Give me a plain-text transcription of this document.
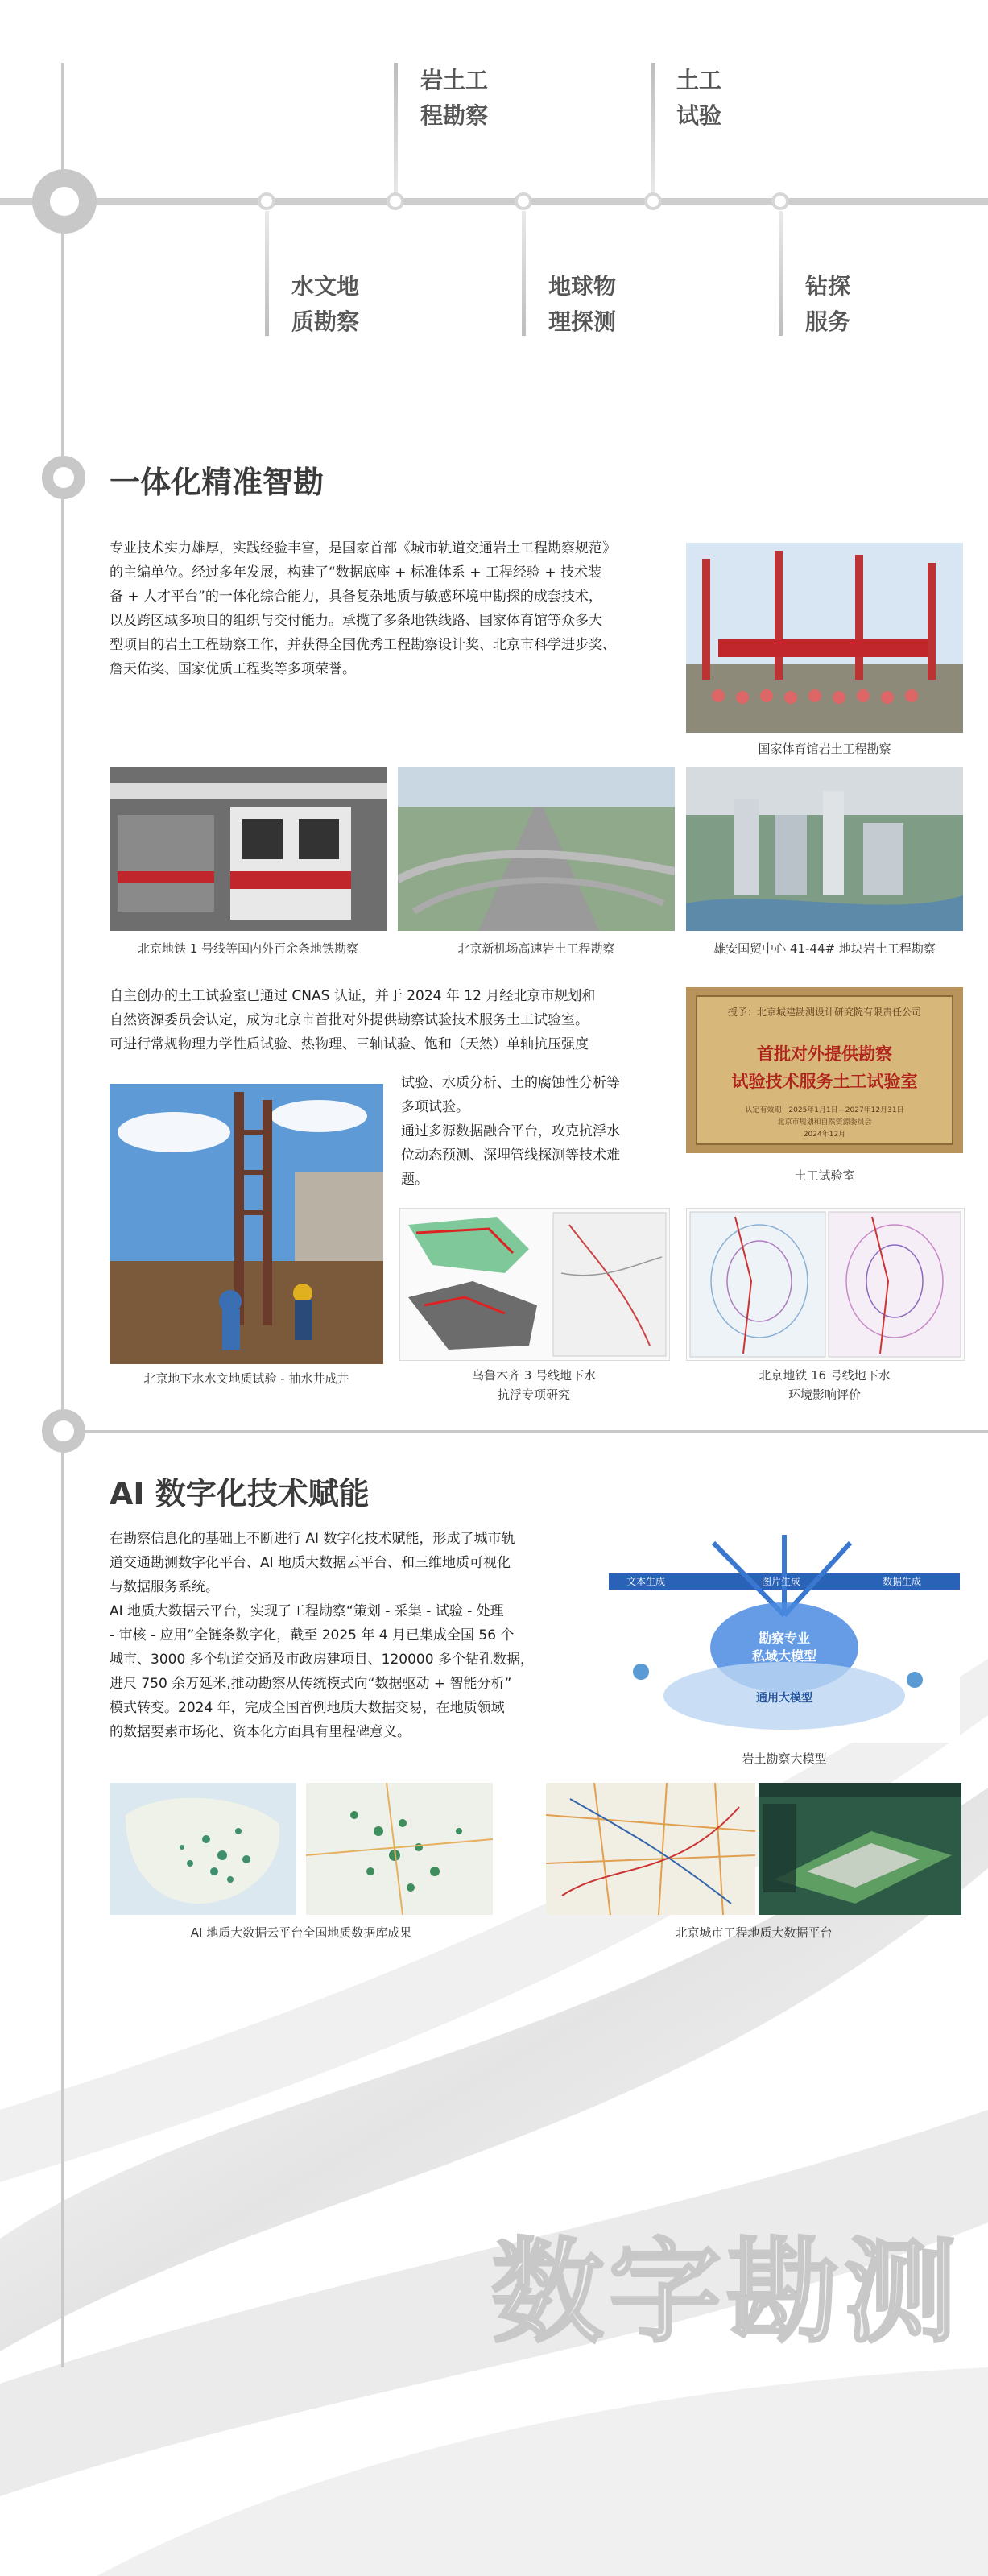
岩土工
程勘察
土工
试验
水文地
质勘察
地球物
理探测
钻探
服务
一体化精准智勘
专业技术实力雄厚，实践经验丰富，是国家首部《城市轨道交通岩土工程勘察规范》
的主编单位。经过多年发展，构建了“数据底座 + 标准体系 + 工程经验 + 技术装
备 + 人才平台”的一体化综合能力，具备复杂地质与敏感环境中勘探的成套技术，
以及跨区域多项目的组织与交付能力。承揽了多条地铁线路、国家体育馆等众多大
型项目的岩土工程勘察工作，并获得全国优秀工程勘察设计奖、北京市科学进步奖、
詹天佑奖、国家优质工程奖等多项荣誉。
国家体育馆岩土工程勘察
北京地铁 1 号线等国内外百余条地铁勘察	北京新机场高速岩土工程勘察	雄安国贸中心 41-44# 地块岩土工程勘察
自主创办的土工试验室已通过 CNAS 认证，并于 2024 年 12 月经北京市规划和
自然资源委员会认定，成为北京市首批对外提供勘察试验技术服务土工试验室。
可进行常规物理力学性质试验、热物理、三轴试验、饱和（天然）单轴抗压强度
试验、水质分析、土的腐蚀性分析等
多项试验。
通过多源数据融合平台，攻克抗浮水
位动态预测、深埋管线探测等技术难
题。
授予：北京城建勘测设计研究院有限责任公司
首批对外提供勘察
试验技术服务土工试验室
认定有效期：2025年1月1日—2027年12月31日
北京市规划和自然资源委员会
2024年12月
土工试验室
北京地下水水文地质试验 - 抽水井成井	乌鲁木齐 3 号线地下水
抗浮专项研究
北京地铁 16 号线地下水
环境影响评价
AI 数字化技术赋能
在勘察信息化的基础上不断进行 AI 数字化技术赋能，形成了城市轨
道交通勘测数字化平台、AI 地质大数据云平台、和三维地质可视化
与数据服务系统。
AI 地质大数据云平台，实现了工程勘察“策划 - 采集 - 试验 - 处理
- 审核 - 应用”全链条数字化，截至 2025 年 4 月已集成全国 56 个
城市、3000 多个轨道交通及市政房建项目、120000 多个钻孔数据，
进尺 750 余万延米,推动勘察从传统模式向“数据驱动 + 智能分析”
模式转变。2024 年，完成全国首例地质大数据交易，在地质领域
的数据要素市场化、资本化方面具有里程碑意义。
文本生成	图片生成	数据生成
勘察专业
私域大模型
通用大模型
岩土勘察大模型
AI 地质大数据云平台全国地质数据库成果	北京城市工程地质大数据平台
数字勘测
